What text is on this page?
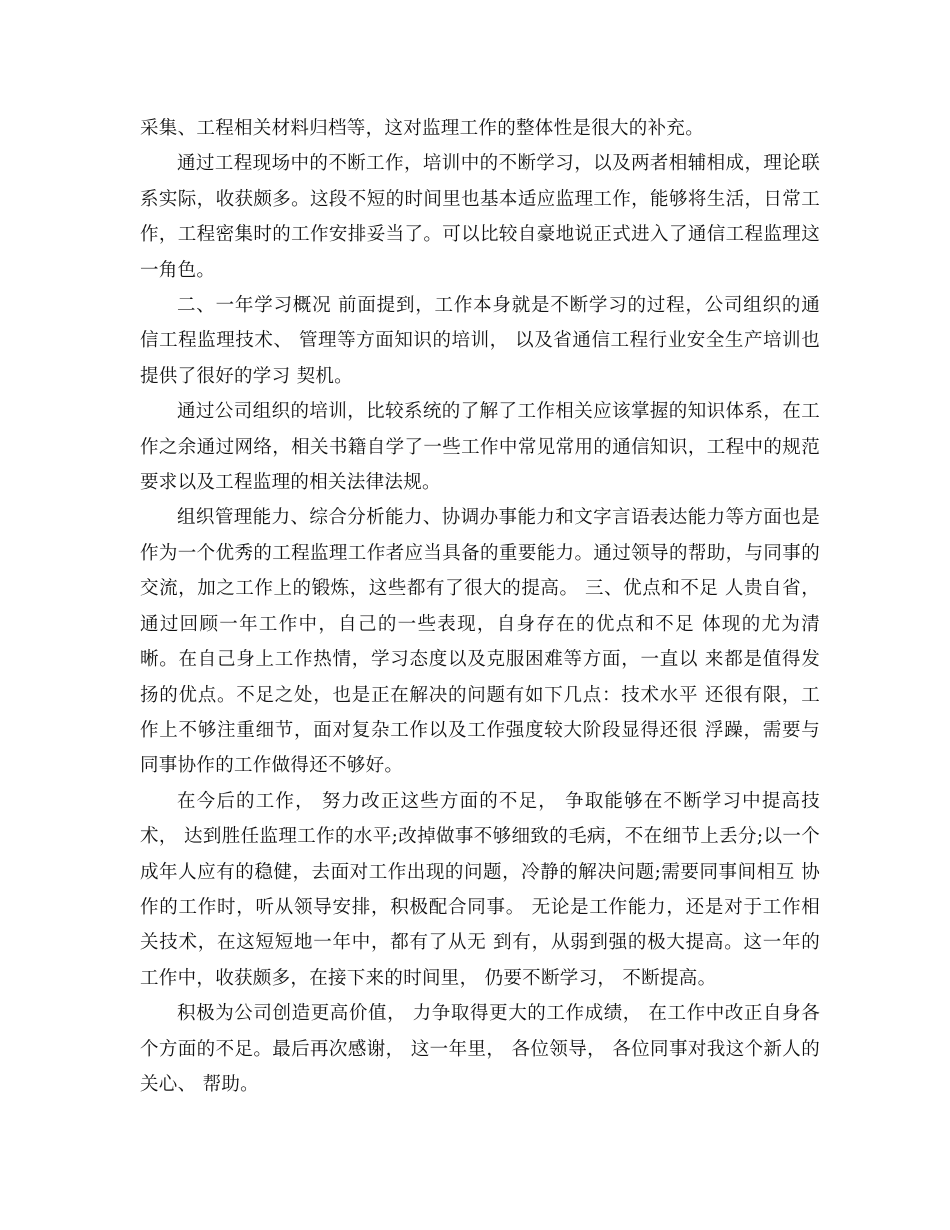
采集、工程相关材料归档等，这对监理工作的整体性是很大的补充。

通过工程现场中的不断工作，培训中的不断学习，以及两者相辅相成，理论联系实际，收获颇多。这段不短的时间里也基本适应监理工作，能够将生活，日常工作，工程密集时的工作安排妥当了。可以比较自豪地说正式进入了通信工程监理这一角色。

二、一年学习概况 前面提到，工作本身就是不断学习的过程，公司组织的通信工程监理技术、 管理等方面知识的培训， 以及省通信工程行业安全生产培训也提供了很好的学习 契机。

通过公司组织的培训，比较系统的了解了工作相关应该掌握的知识体系，在工作之余通过网络，相关书籍自学了一些工作中常见常用的通信知识，工程中的规范要求以及工程监理的相关法律法规。

组织管理能力、综合分析能力、协调办事能力和文字言语表达能力等方面也是作为一个优秀的工程监理工作者应当具备的重要能力。通过领导的帮助，与同事的交流，加之工作上的锻炼，这些都有了很大的提高。 三、优点和不足 人贵自省，通过回顾一年工作中，自己的一些表现，自身存在的优点和不足 体现的尤为清晰。在自己身上工作热情，学习态度以及克服困难等方面，一直以 来都是值得发扬的优点。不足之处，也是正在解决的问题有如下几点：技术水平 还很有限，工作上不够注重细节，面对复杂工作以及工作强度较大阶段显得还很 浮躁，需要与同事协作的工作做得还不够好。

在今后的工作， 努力改正这些方面的不足， 争取能够在不断学习中提高技术， 达到胜任监理工作的水平;改掉做事不够细致的毛病，不在细节上丢分;以一个 成年人应有的稳健，去面对工作出现的问题，冷静的解决问题;需要同事间相互 协作的工作时，听从领导安排，积极配合同事。 无论是工作能力，还是对于工作相关技术，在这短短地一年中，都有了从无 到有，从弱到强的极大提高。这一年的工作中，收获颇多，在接下来的时间里， 仍要不断学习， 不断提高。

积极为公司创造更高价值， 力争取得更大的工作成绩， 在工作中改正自身各个方面的不足。最后再次感谢， 这一年里， 各位领导， 各位同事对我这个新人的关心、 帮助。
